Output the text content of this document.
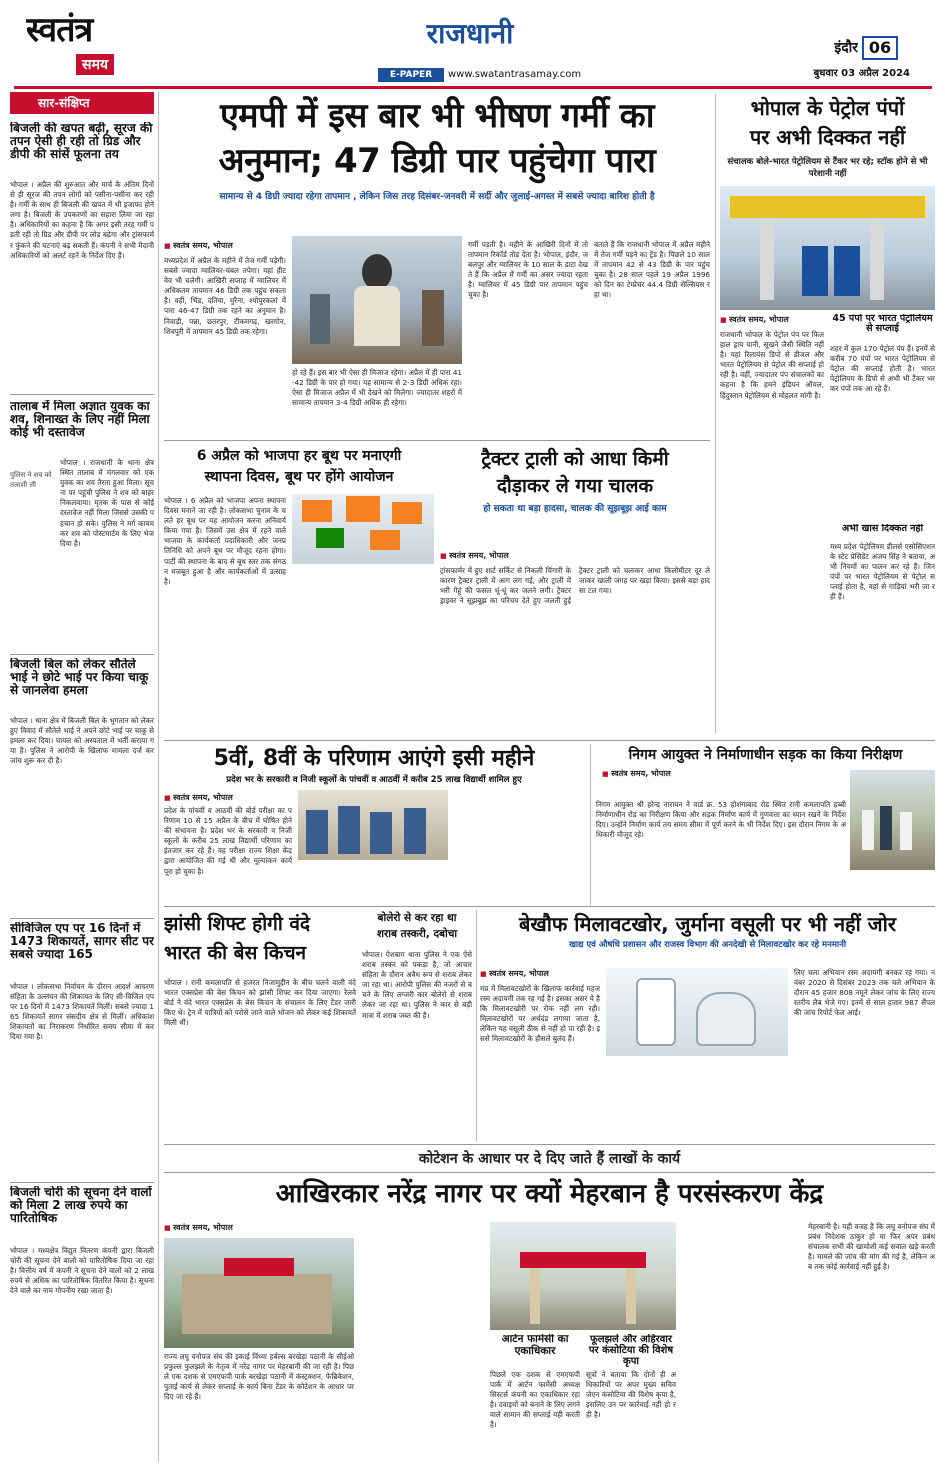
स्वतंत्र
समय
राजधानी
E-PAPER	www.swatantrasamay.com
इंदौर 06
बुधवार 03 अप्रैल 2024
सार-संक्षिप्त
बिजली की खपत बढ़ी, सूरज की तपन ऐसी ही रही तो ग्रिड और डीपी की सांसें फूलना तय
भोपाल । अप्रैल की शुरुआत और मार्च के अंतिम दिनों से ही सूरज की तपन लोगों को पसीना-पसीना कर रही है। गर्मी के साथ ही बिजली की खपत में भी इजाफा होने लगा है। बिजली के उपकरणों का सहारा लिया जा रहा है। अधिकारियों का कहना है कि अगर इसी तरह गर्मी पड़ती रही तो ग्रिड और डीपी पर लोड बढ़ेगा और ट्रांसफार्मर फुंकने की घटनाएं बढ़ सकती हैं। कंपनी ने सभी मैदानी अधिकारियों को अलर्ट रहने के निर्देश दिए हैं।
तालाब में मिला अज्ञात युवक का शव, शिनाख्त के लिए नहीं मिला कोई भी दस्तावेज
भोपाल । राजधानी के थाना क्षेत्र स्थित तालाब में मंगलवार को एक युवक का शव तैरता हुआ मिला। सूचना पर पहुंची पुलिस ने शव को बाहर निकलवाया। मृतक के पास से कोई दस्तावेज नहीं मिला जिससे उसकी पहचान हो सके। पुलिस ने मर्ग कायम कर शव को पोस्टमार्टम के लिए भेज दिया है।
पुलिस ने शव को तलाशी ली
बिजली बिल को लेकर सौतेले भाई ने छोटे भाई पर किया चाकू से जानलेवा हमला
भोपाल । थाना क्षेत्र में बिजली बिल के भुगतान को लेकर हुए विवाद में सौतेले भाई ने अपने छोटे भाई पर चाकू से हमला कर दिया। घायल को अस्पताल में भर्ती कराया गया है। पुलिस ने आरोपी के खिलाफ मामला दर्ज कर जांच शुरू कर दी है।
सीविजिल एप पर 16 दिनों में 1473 शिकायतें, सागर सीट पर सबसे ज्यादा 165
भोपाल । लोकसभा निर्वाचन के दौरान आदर्श आचरण संहिता के उल्लंघन की शिकायत के लिए सी-विजिल एप पर 16 दिनों में 1473 शिकायतें मिलीं। सबसे ज्यादा 165 शिकायतें सागर संसदीय क्षेत्र से मिलीं। अधिकांश शिकायतों का निराकरण निर्धारित समय सीमा में कर दिया गया है।
बिजली चोरी की सूचना देने वालों को मिला 2 लाख रुपये का पारितोषिक
भोपाल । मध्यक्षेत्र विद्युत वितरण कंपनी द्वारा बिजली चोरी की सूचना देने वालों को पारितोषिक दिया जा रहा है। वित्तीय वर्ष में कंपनी ने सूचना देने वालों को 2 लाख रुपये से अधिक का पारितोषिक वितरित किया है। सूचना देने वाले का नाम गोपनीय रखा जाता है।
एमपी में इस बार भी भीषण गर्मी का
अनुमान; 47 डिग्री पार पहुंचेगा पारा
सामान्य से 4 डिग्री ज्यादा रहेगा तापमान , लेकिन जिस तरह दिसंबर-जनवरी में सर्दी और जुलाई-अगस्त में सबसे ज्यादा बारिश होती है
■ स्वतंत्र समय, भोपाल
मध्यप्रदेश में अप्रैल के महीने में तेज गर्मी पड़ेगी। सबसे ज्यादा ग्वालियर-चंबल तपेगा। यहां हीट वेव भी चलेगी। आखिरी सप्ताह में ग्वालियर में अधिकतम तापमान 46 डिग्री तक पहुंच सकता है। वहीं, भिंड, दतिया, मुरैना, श्योपुरकलां में पारा 46-47 डिग्री तक रहने का अनुमान है। निवाड़ी, पन्ना, छतरपुर, टीकमगढ़, खरगोन, शिवपुरी में तापमान 45 डिग्री तक रहेगा।
हो रहे हैं। इस बार भी ऐसा ही मिजाज रहेगा। अप्रैल में ही पारा 41-42 डिग्री के पार हो गया। यह सामान्य से 2-3 डिग्री अधिक रहा। ऐसा ही मिजाज अप्रैल में भी देखने को मिलेगा। ज्यादातर शहरों में सामान्य तापमान 3-4 डिग्री अधिक ही रहेगा।
गर्मी पड़ती है। महीने के आखिरी दिनों में तो तापमान रिकॉर्ड तोड़ देता है। भोपाल, इंदौर, जबलपुर और ग्वालियर के 10 साल के डाटा देखते हैं कि अप्रैल में गर्मी का असर ज्यादा रहता है। ग्वालियर में 45 डिग्री पार तापमान पहुंच चुका है।
बताते हैं कि राजधानी भोपाल में अप्रैल महीने में तेज गर्मी पड़ने का ट्रेंड है। पिछले 10 साल में तापमान 42 से 43 डिग्री के पार पहुंच चुका है। 28 साल पहले 19 अप्रैल 1996 को दिन का टेम्प्रेचर 44.4 डिग्री सेल्सियस रहा था।
भोपाल के पेट्रोल पंपों
पर अभी दिक्कत नहीं
संचालक बोले-भारत पेट्रोलियम से टैंकर भर रहे; स्टॉक होने से भी परेशानी नहीं
■ स्वतंत्र समय, भोपाल
राजधानी भोपाल के पेट्रोल पंप पर फिलहाल ड्राय यानी, सूखने जैसी स्थिति नहीं है। यहां रिलायंस डिपो से डीजल और भारत पेट्रोलियम से पेट्रोल की सप्लाई हो रही है। वहीं, ज्यादातर पंप संचालकों का कहना है कि हमने इंडियन ऑयल, हिंदुस्तान पेट्रोलियम से मोहलत मांगी है।
45 पंपों पर भारत पेट्रोलियम से सप्लाई
शहर में कुल 170 पेट्रोल पंप हैं। इनमें से करीब 70 पंपों पर भारत पेट्रोलियम से पेट्रोल की सप्लाई होती है। भारत पेट्रोलियम के डिपो से अभी भी टैंकर भरकर पंपों तक आ रहे हैं।
अभी खास दिक्कत नहीं
मध्य प्रदेश पेट्रोलियम डीलर्स एसोसिएशन के स्टेट प्रेसिडेंट अजय सिंह ने बताया, अभी नियमों का पालन कर रहे हैं। जिन पंपों पर भारत पेट्रोलियम से पेट्रोल सप्लाई होता है, वहां से गाड़ियां भरी जा रही हैं।
6 अप्रैल को भाजपा हर बूथ पर मनाएगी
स्थापना दिवस, बूथ पर होंगे आयोजन
भोपाल । 6 अप्रैल को भाजपा अपना स्थापना दिवस मनाने जा रही है। लोकसभा चुनाव के चलते हर बूथ पर यह आयोजन करना अनिवार्य किया गया है। जिसमें उस क्षेत्र में रहने वाले भाजपा के कार्यकर्ता पदाधिकारी और जनप्रतिनिधि को अपने बूथ पर मौजूद रहना होगा। पार्टी की स्थापना के बाद से बूथ स्तर तक संगठन मजबूत हुआ है और कार्यकर्ताओं में उत्साह है।
ट्रैक्टर ट्राली को आधा किमी
दौड़ाकर ले गया चालक
हो सकता था बड़ा हादसा, चालक की सूझबूझ आई काम
■ स्वतंत्र समय, भोपाल
ट्रांसफार्मर में हुए शार्ट सर्किट से निकली चिंगारी के कारण ट्रैक्टर ट्राली में आग लग गई, और ट्राली में भरी गेहूं की फसल धूं-धूं कर जलने लगी। ट्रैक्टर ड्राइवर ने सूझबूझ का परिचय देते हुए जलती हुई ट्रैक्टर ट्राली को चलाकर आधा किलोमीटर दूर ले जाकर खाली जगह पर खड़ा किया। इससे बड़ा हादसा टल गया।
5वीं, 8वीं के परिणाम आएंगे इसी महीने
प्रदेश भर के सरकारी व निजी स्कूलों के पांचवीं व आठवीं में करीब 25 लाख विद्यार्थी शामिल हुए
■ स्वतंत्र समय, भोपाल
प्रदेश के पांचवीं व आठवीं की बोर्ड परीक्षा का परिणाम 10 से 15 अप्रैल के बीच में घोषित होने की संभावना है। प्रदेश भर के सरकारी व निजी स्कूलों के करीब 25 लाख विद्यार्थी परिणाम का इंतजार कर रहे हैं। यह परीक्षा राज्य शिक्षा केंद्र द्वारा आयोजित की गई थी और मूल्यांकन कार्य पूरा हो चुका है।
निगम आयुक्त ने निर्माणाधीन सड़क का किया निरीक्षण
■ स्वतंत्र समय, भोपाल
निगम आयुक्त श्री हरेन्द्र नारायन ने वार्ड क्र. 53 होशंगाबाद रोड स्थित रानी कमलापति हब्बी निर्माणाधीन रोड का निरीक्षण किया और सड़क निर्माण कार्य में गुणवत्ता का ध्यान रखने के निर्देश दिए। उन्होंने निर्माण कार्य तय समय सीमा में पूर्ण करने के भी निर्देश दिए। इस दौरान निगम के अधिकारी मौजूद रहे।
झांसी शिफ्ट होगी वंदे
भारत की बेस किचन
भोपाल । रानी कमलापति से हजरत निजामुद्दीन के बीच चलने वाली वंदे भारत एक्सप्रेस की बेस किचन को झांसी शिफ्ट कर दिया जाएगा। रेलवे बोर्ड ने वंदे भारत एक्सप्रेस के बेस किचन के संचालन के लिए टेंडर जारी किए थे। ट्रेन में यात्रियों को परोसे जाने वाले भोजन को लेकर कई शिकायतें मिली थीं।
बोलेरो से कर रहा था
शराब तस्करी, दबोचा
भोपाल। ऐशबाग थाना पुलिस ने एक ऐसे शराब तस्कर को पकड़ा है, जो आचार संहिता के दौरान अवैध रूप से शराब लेकर जा रहा था। आरोपी पुलिस की नजरों से बचने के लिए लग्जरी कार बोलेरो से शराब लेकर जा रहा था। पुलिस ने कार से बड़ी मात्रा में शराब जब्त की है।
बेखौफ मिलावटखोर, जुर्माना वसूली पर भी नहीं जोर
खाद्य एवं औषधि प्रशासन और राजस्व विभाग की अनदेखी से मिलावटखोर कर रहे मनमानी
■ स्वतंत्र समय, भोपाल
मप्र में मिलावटखोरों के खिलाफ कार्रवाई महज रस्म अदायगी तक रह गई है। इसका असर ये है कि मिलावटखोरी पर रोक नहीं लग रही। मिलावटखोरों पर अर्थदंड लगाया जाता है, लेकिन यह वसूली ठीक से नहीं हो पा रही है। इससे मिलावटखोरों के हौसले बुलंद हैं।
लिए चला अभियान रस्म अदायगी बनकर रह गया। नवंबर 2020 से दिसंबर 2023 तक चले अभियान के दौरान 45 हजार 808 नमूने लेकर जांच के लिए राज्य स्तरीय लैब भेजे गए। इनमें से साल हजार 987 सैंपल की जांच रिपोर्ट फेल आई।
कोटेशन के आधार पर दे दिए जाते हैं लाखों के कार्य
आखिरकार नरेंद्र नागर पर क्यों मेहरबान है परसंस्करण केंद्र
■ स्वतंत्र समय, भोपाल
राज्य लघु वनोपज संघ की इकाई विंध्या हर्बल्स बरखेड़ा पठानी के सीईओ प्रफुल्ल फुलझले के नेतृत्व में नरेंद्र नागर पर मेहरबानी की जा रही है। पिछले एक दशक से एमएफपी पार्क बरखेड़ा पठानी में कंस्ट्रक्शन, फेब्रिकेशन, पुताई कार्य से लेकर सप्लाई के कार्य बिना टेंडर के कोटेशन के आधार पर दिए जा रहे हैं।
आर्टन फार्मेसी का एकाधिकार
पिछले एक दशक से एमएफपी पार्क में आर्टन फार्मेसी अध्यक्ष सिस्टर्स कंपनी का एकाधिकार रहा है। दवाइयों को बनाने के लिए लगने वाले सामान की सप्लाई यही करती है।
फूलझले और अहिरवार पर कंसोटिया की विशेष कृपा
सूत्रों ने बताया कि दोनों ही अधिकारियों पर अपर मुख्य सचिव जेएन कंसोटिया की विशेष कृपा है, इसलिए उन पर कार्रवाई नहीं हो रही है।
मेहरबानी है। यही वजह है कि लघु वनोपज संघ में प्रबंध निदेशक ठाकुर हो या फिर अपर प्रबंध संचालक सभी की खामोशी कई सवाल खड़े करती है। मामले की जांच की मांग की गई है, लेकिन अब तक कोई कार्रवाई नहीं हुई है।
